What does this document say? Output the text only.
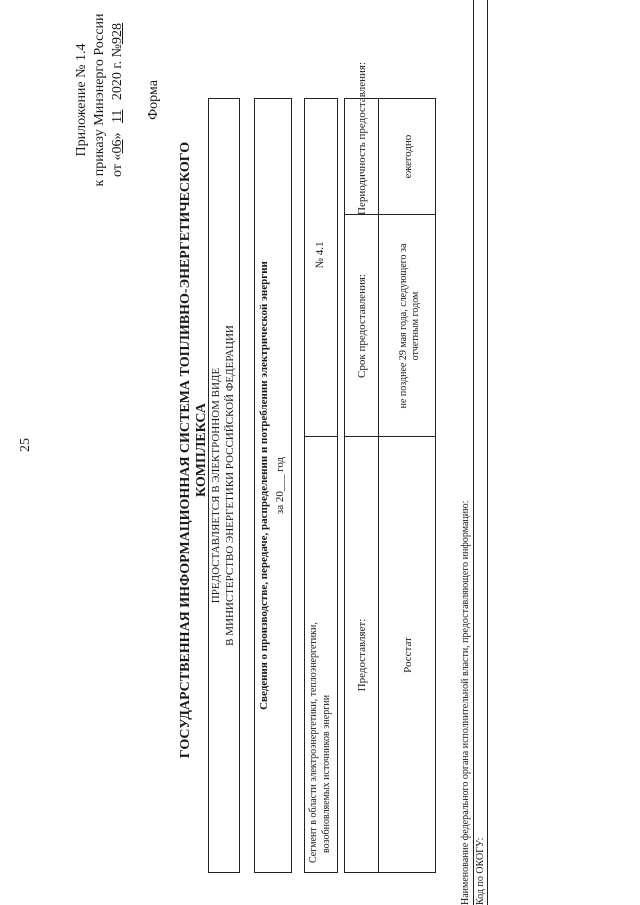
25
Приложение № 1.4 к приказу Минэнерго России от «06» 11 2020 г. №928
Форма
ГОСУДАРСТВЕННАЯ ИНФОРМАЦИОННАЯ СИСТЕМА ТОПЛИВНО-ЭНЕРГЕТИЧЕСКОГО КОМПЛЕКСА ПРЕДОСТАВЛЯЕТСЯ В ЭЛЕКТРОННОМ ВИДЕ В МИНИСТЕРСТВО ЭНЕРГЕТИКИ РОССИЙСКОЙ ФЕДЕРАЦИИ Сведения о производстве, передаче, распределении и потреблении электрической энергии за 20___ год
Сегмент в области электроэнергетики, теплоэнергетики, возобновляемых источников энергии
№ 4.1
Предоставляет:
Срок предоставления:
Периодичность предоставления:
Росстат
не позднее 29 мая года, следующего за отчетным годом
ежегодно
Наименование федерального органа исполнительной власти, предоставляющего информацию: Код по ОКОГУ:
